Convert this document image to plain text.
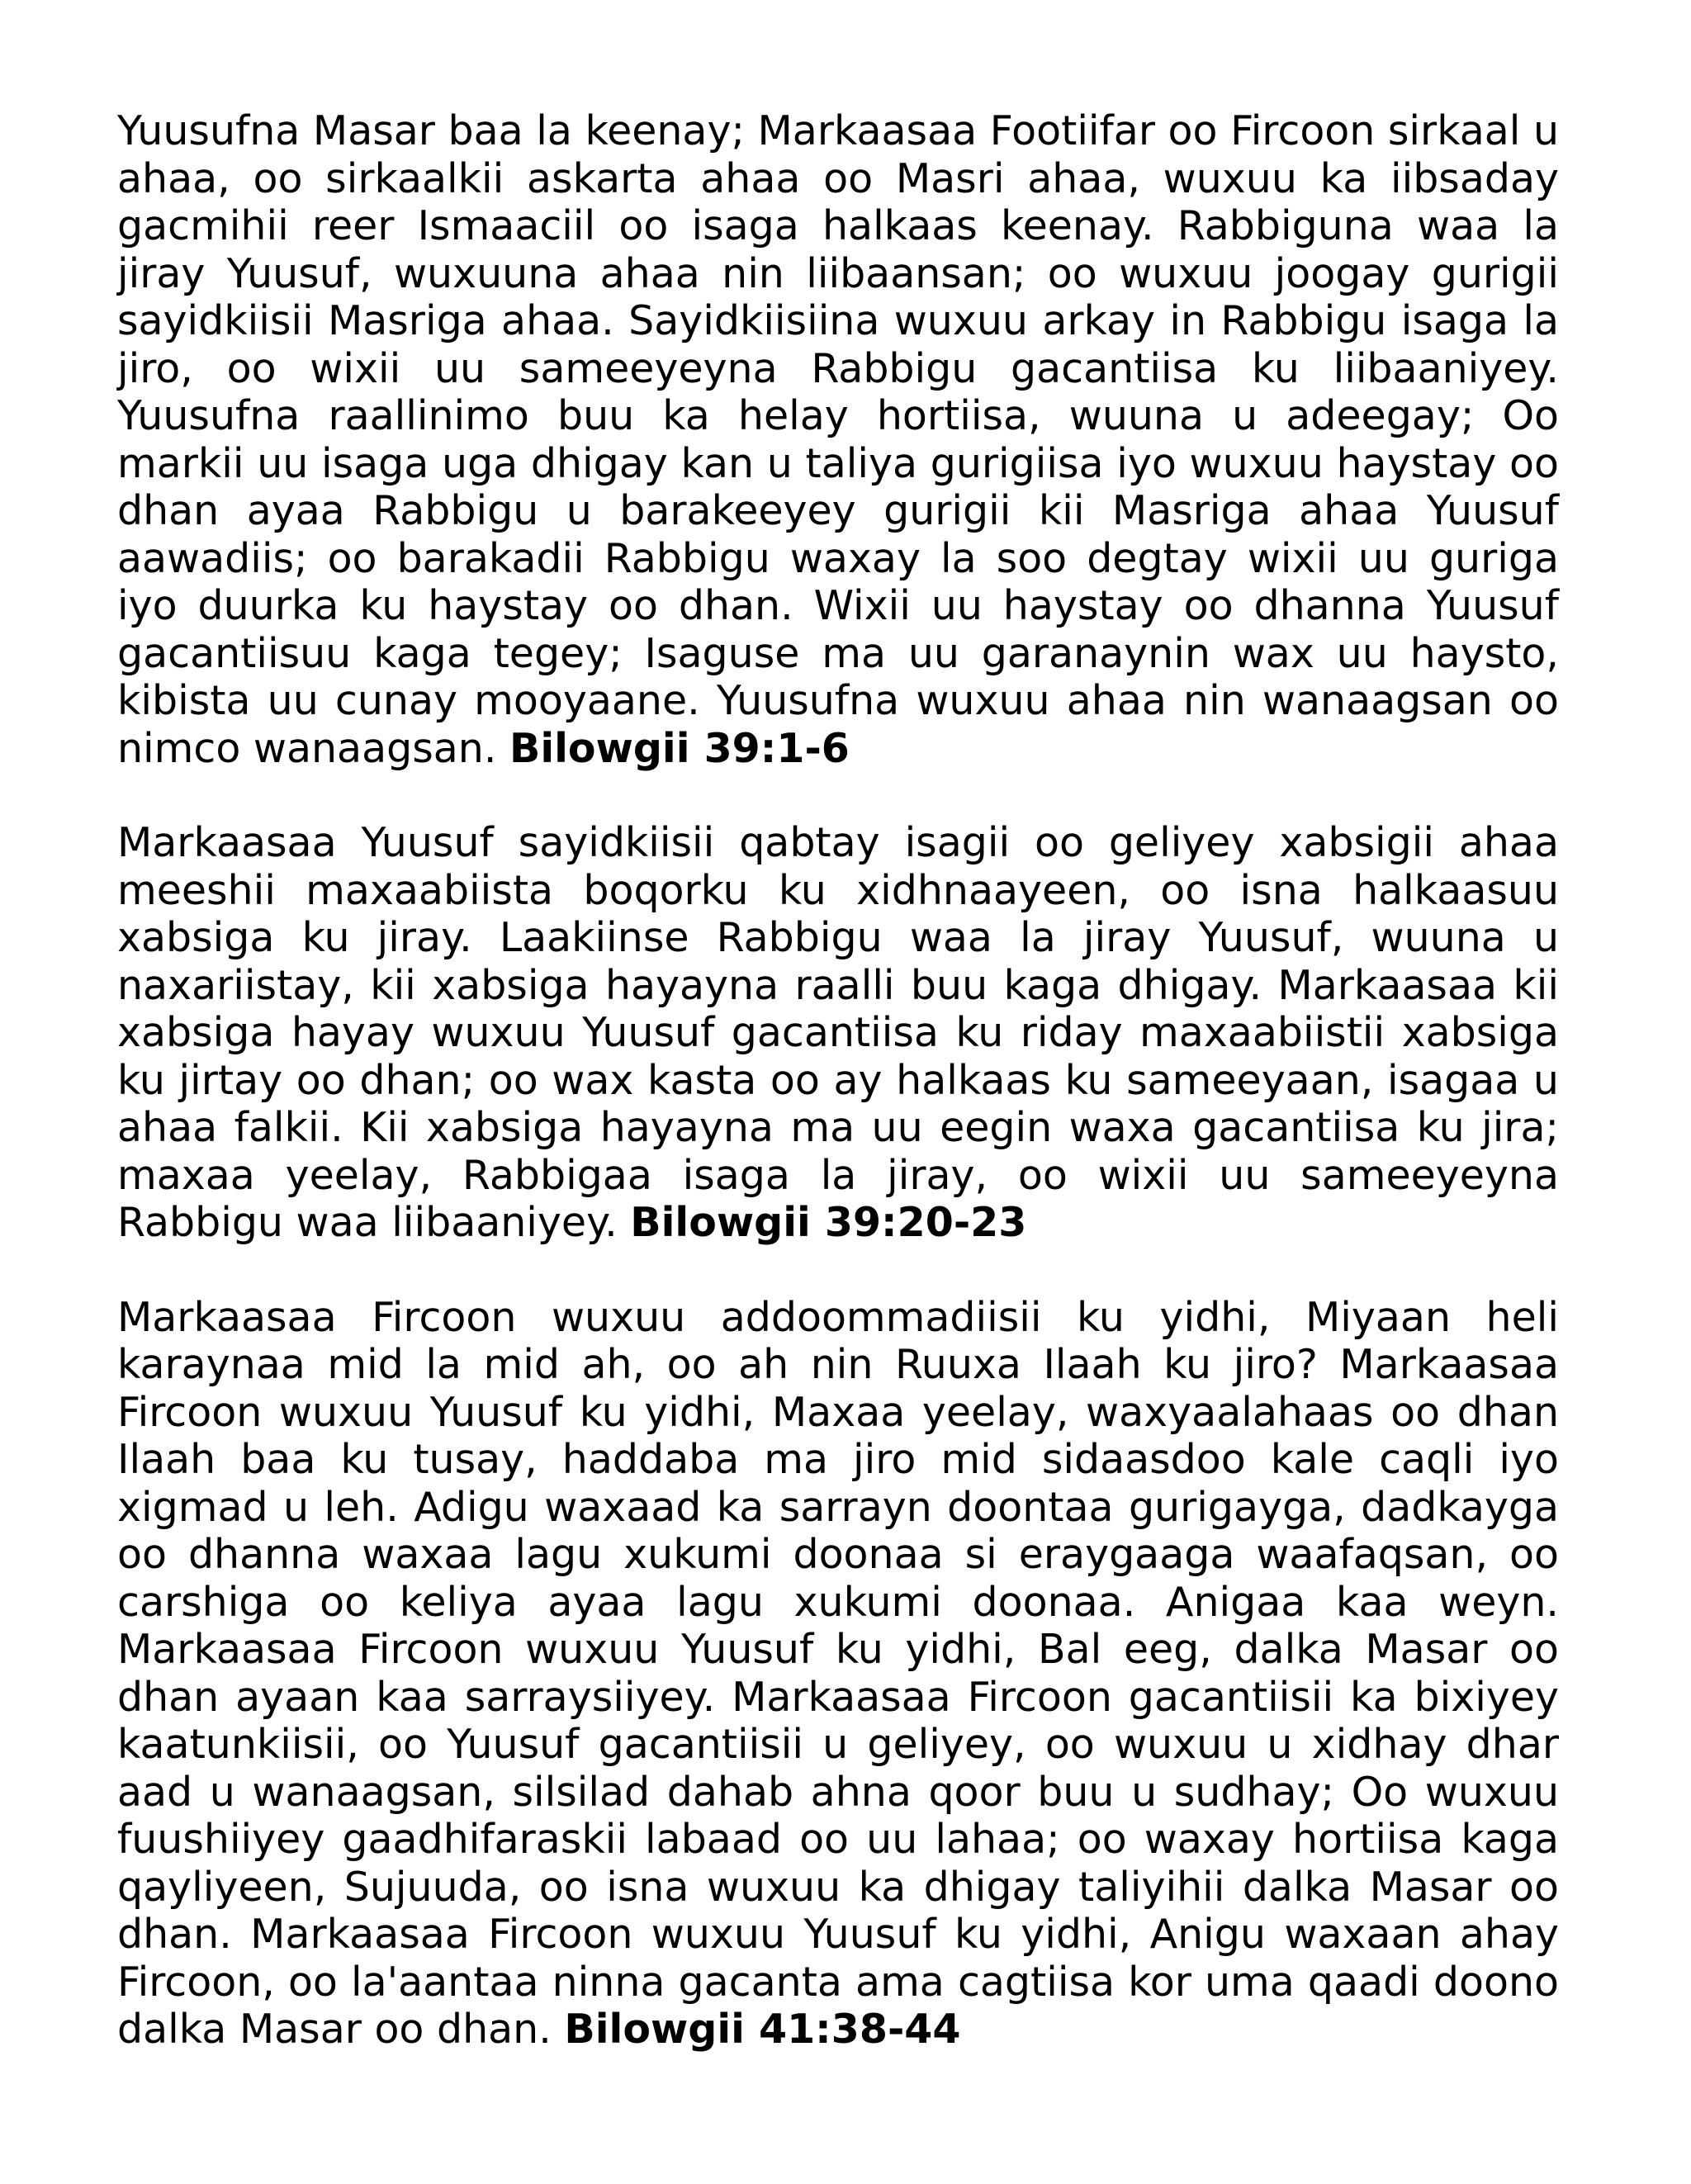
Yuusufna Masar baa la keenay; Markaasaa Footiifar oo Fircoon sirkaal u ahaa, oo sirkaalkii askarta ahaa oo Masri ahaa, wuxuu ka iibsaday gacmihii reer Ismaaciil oo isaga halkaas keenay. Rabbiguna waa la jiray Yuusuf, wuxuuna ahaa nin liibaansan; oo wuxuu joogay gurigii sayidkiisii Masriga ahaa. Sayidkiisiina wuxuu arkay in Rabbigu isaga la jiro, oo wixii uu sameeyeyna Rabbigu gacantiisa ku liibaaniyey. Yuusufna raallinimo buu ka helay hortiisa, wuuna u adeegay; Oo markii uu isaga uga dhigay kan u taliya gurigiisa iyo wuxuu haystay oo dhan ayaa Rabbigu u barakeeyey gurigii kii Masriga ahaa Yuusuf aawadiis; oo barakadii Rabbigu waxay la soo degtay wixii uu guriga iyo duurka ku haystay oo dhan. Wixii uu haystay oo dhanna Yuusuf gacantiisuu kaga tegey; Isaguse ma uu garanaynin wax uu haysto, kibista uu cunay mooyaane. Yuusufna wuxuu ahaa nin wanaagsan oo nimco wanaagsan. Bilowgii 39:1-6

Markaasaa Yuusuf sayidkiisii qabtay isagii oo geliyey xabsigii ahaa meeshii maxaabiista boqorku ku xidhnaayeen, oo isna halkaasuu xabsiga ku jiray. Laakiinse Rabbigu waa la jiray Yuusuf, wuuna u naxariistay, kii xabsiga hayayna raalli buu kaga dhigay. Markaasaa kii xabsiga hayay wuxuu Yuusuf gacantiisa ku riday maxaabiistii xabsiga ku jirtay oo dhan; oo wax kasta oo ay halkaas ku sameeyaan, isagaa u ahaa falkii. Kii xabsiga hayayna ma uu eegin waxa gacantiisa ku jira; maxaa yeelay, Rabbigaa isaga la jiray, oo wixii uu sameeyeyna Rabbigu waa liibaaniyey. Bilowgii 39:20-23

Markaasaa Fircoon wuxuu addoommadiisii ku yidhi, Miyaan heli karaynaa mid la mid ah, oo ah nin Ruuxa Ilaah ku jiro? Markaasaa Fircoon wuxuu Yuusuf ku yidhi, Maxaa yeelay, waxyaalahaas oo dhan Ilaah baa ku tusay, haddaba ma jiro mid sidaasdoo kale caqli iyo xigmad u leh. Adigu waxaad ka sarrayn doontaa gurigayga, dadkayga oo dhanna waxaa lagu xukumi doonaa si eraygaaga waafaqsan, oo carshiga oo keliya ayaa lagu xukumi doonaa. Anigaa kaa weyn. Markaasaa Fircoon wuxuu Yuusuf ku yidhi, Bal eeg, dalka Masar oo dhan ayaan kaa sarraysiiyey. Markaasaa Fircoon gacantiisii ka bixiyey kaatunkiisii, oo Yuusuf gacantiisii u geliyey, oo wuxuu u xidhay dhar aad u wanaagsan, silsilad dahab ahna qoor buu u sudhay; Oo wuxuu fuushiiyey gaadhifaraskii labaad oo uu lahaa; oo waxay hortiisa kaga qayliyeen, Sujuuda, oo isna wuxuu ka dhigay taliyihii dalka Masar oo dhan. Markaasaa Fircoon wuxuu Yuusuf ku yidhi, Anigu waxaan ahay Fircoon, oo la'aantaa ninna gacanta ama cagtiisa kor uma qaadi doono dalka Masar oo dhan. Bilowgii 41:38-44
